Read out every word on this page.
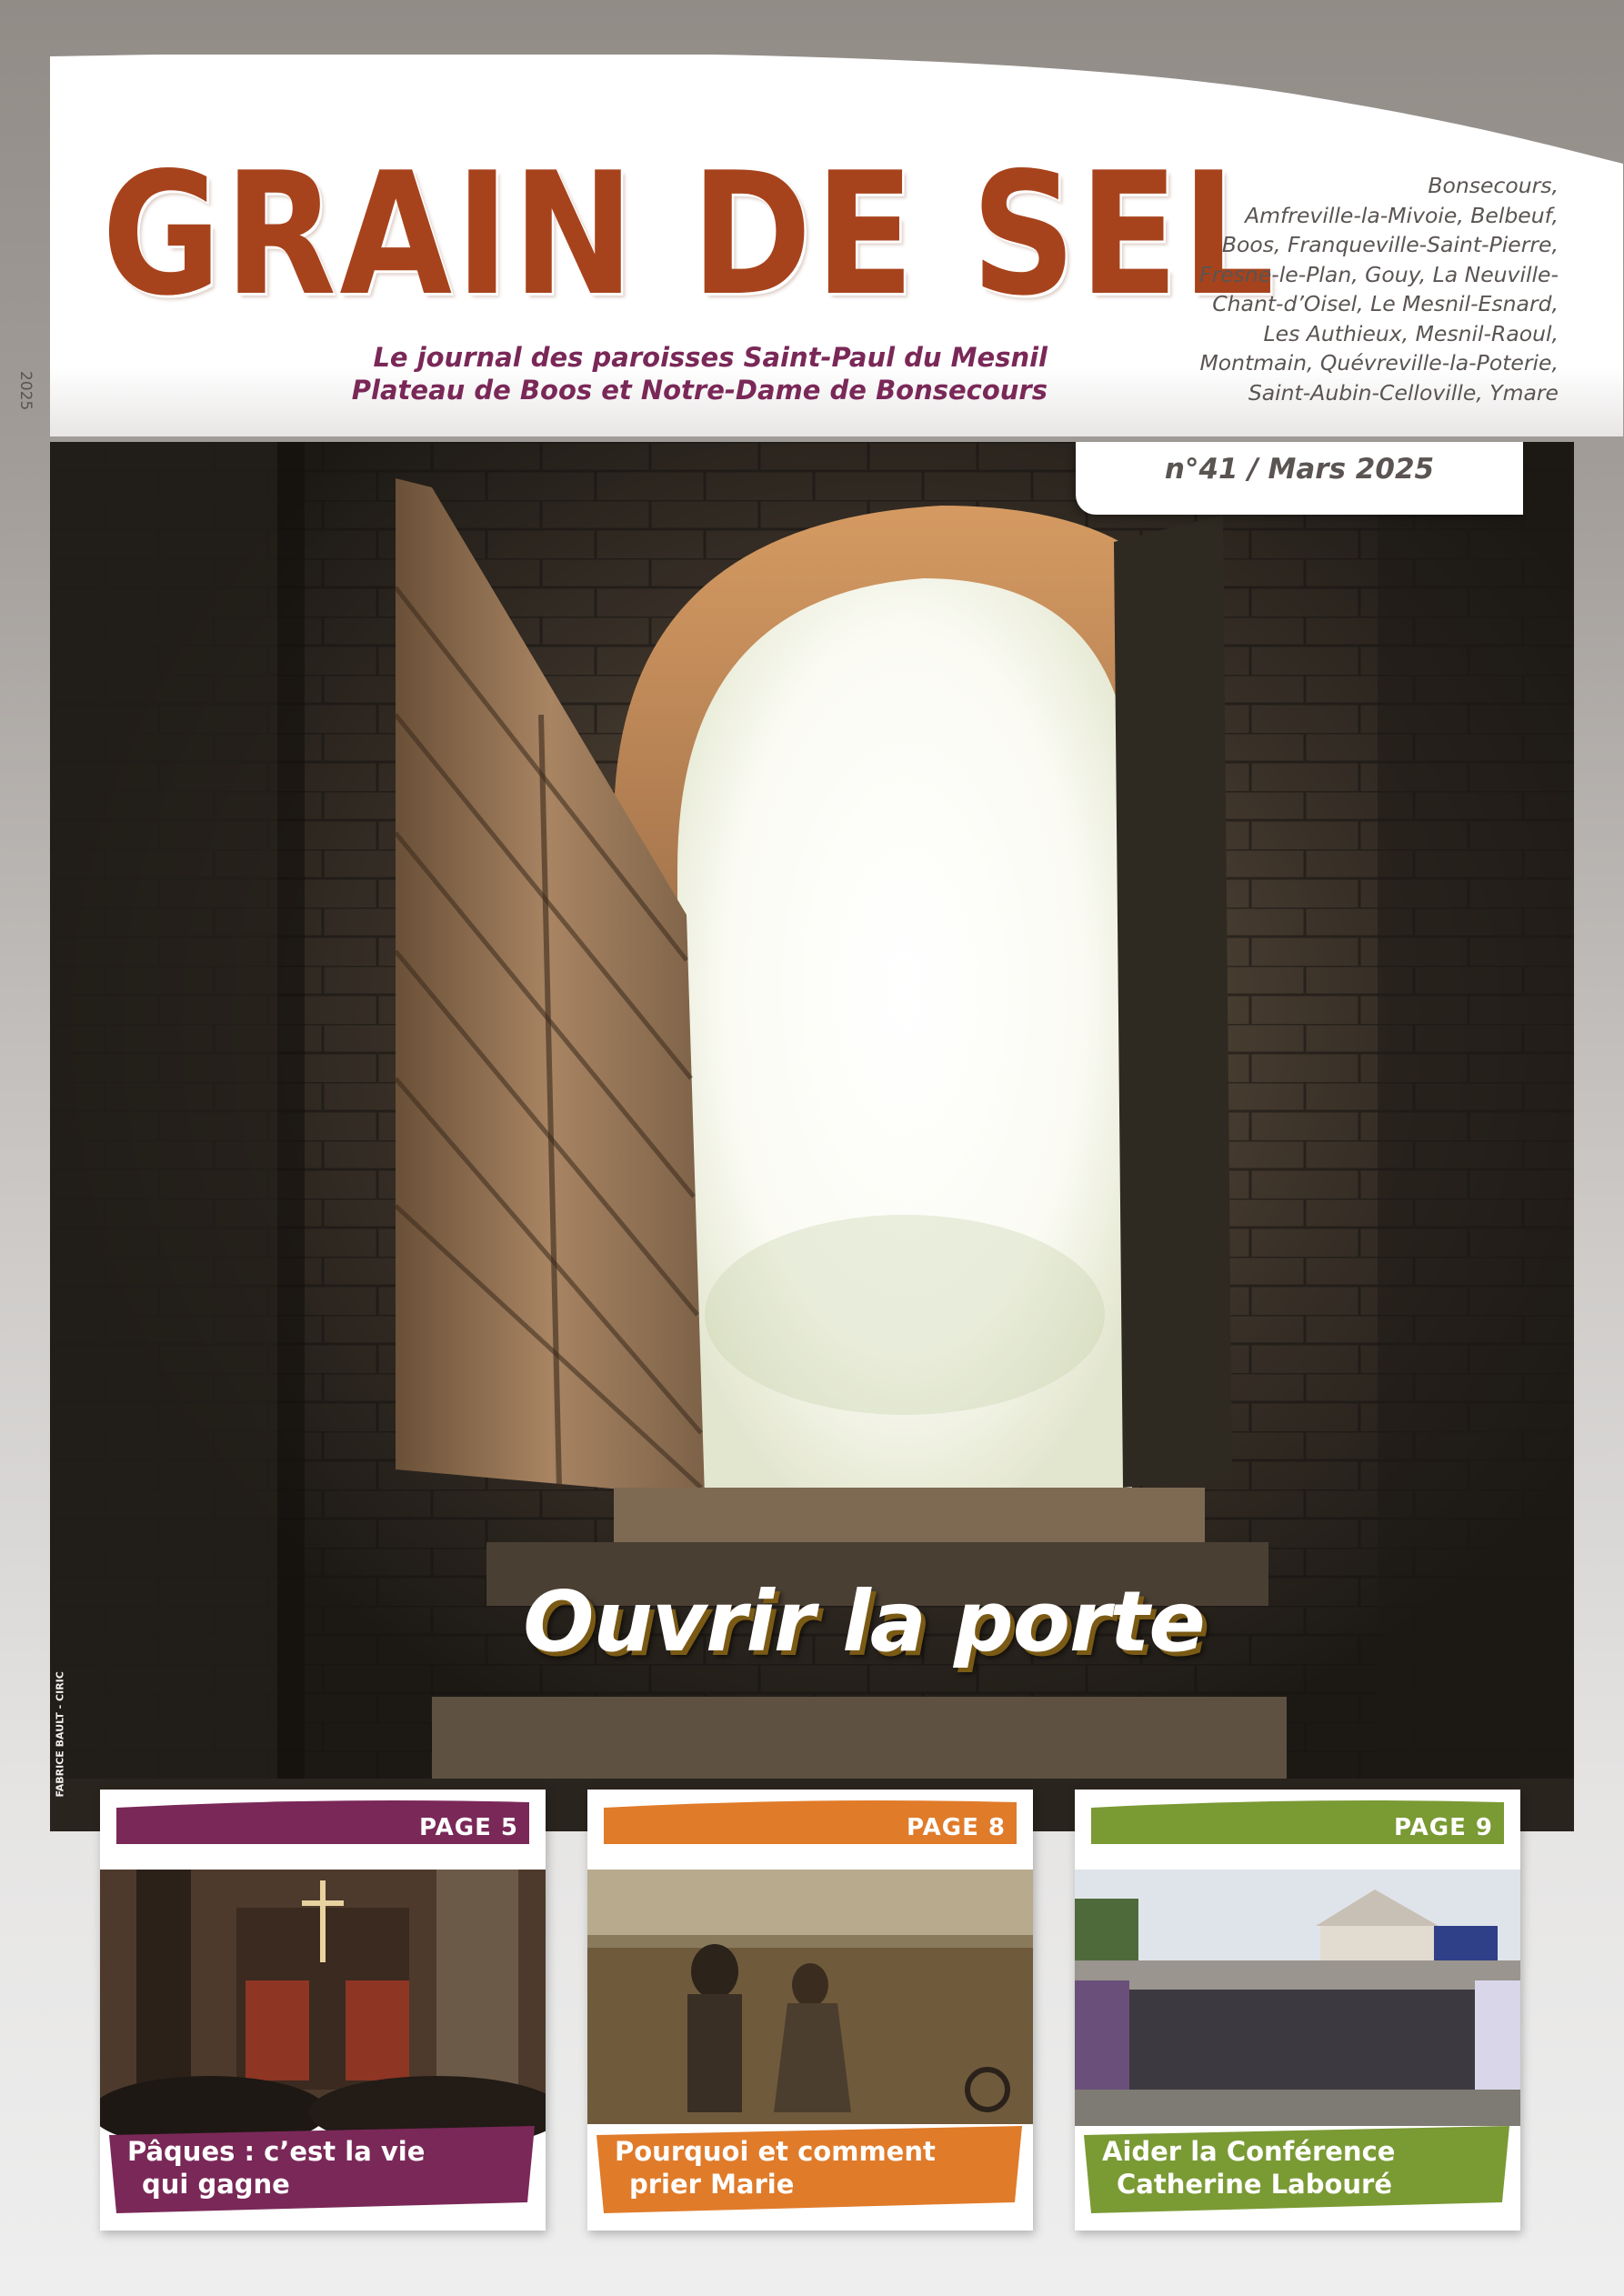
2025
GRAIN DE SEL
Le journal des paroisses Saint-Paul du Mesnil
Plateau de Boos et Notre-Dame de Bonsecours
Bonsecours,
Amfreville-la-Mivoie, Belbeuf,
Boos, Franqueville-Saint-Pierre,
Fresne-le-Plan, Gouy, La Neuville-
Chant-d’Oisel, Le Mesnil-Esnard,
Les Authieux, Mesnil-Raoul,
Montmain, Quévreville-la-Poterie,
Saint-Aubin-Celloville, Ymare
n°41 / Mars 2025
Ouvrir la porte
FABRICE BAULT - CIRIC
PAGE 5
Pâques : c’est la vie
qui gagne
PAGE 8
Pourquoi et comment
prier Marie
PAGE 9
Aider la Conférence
Catherine Labouré
